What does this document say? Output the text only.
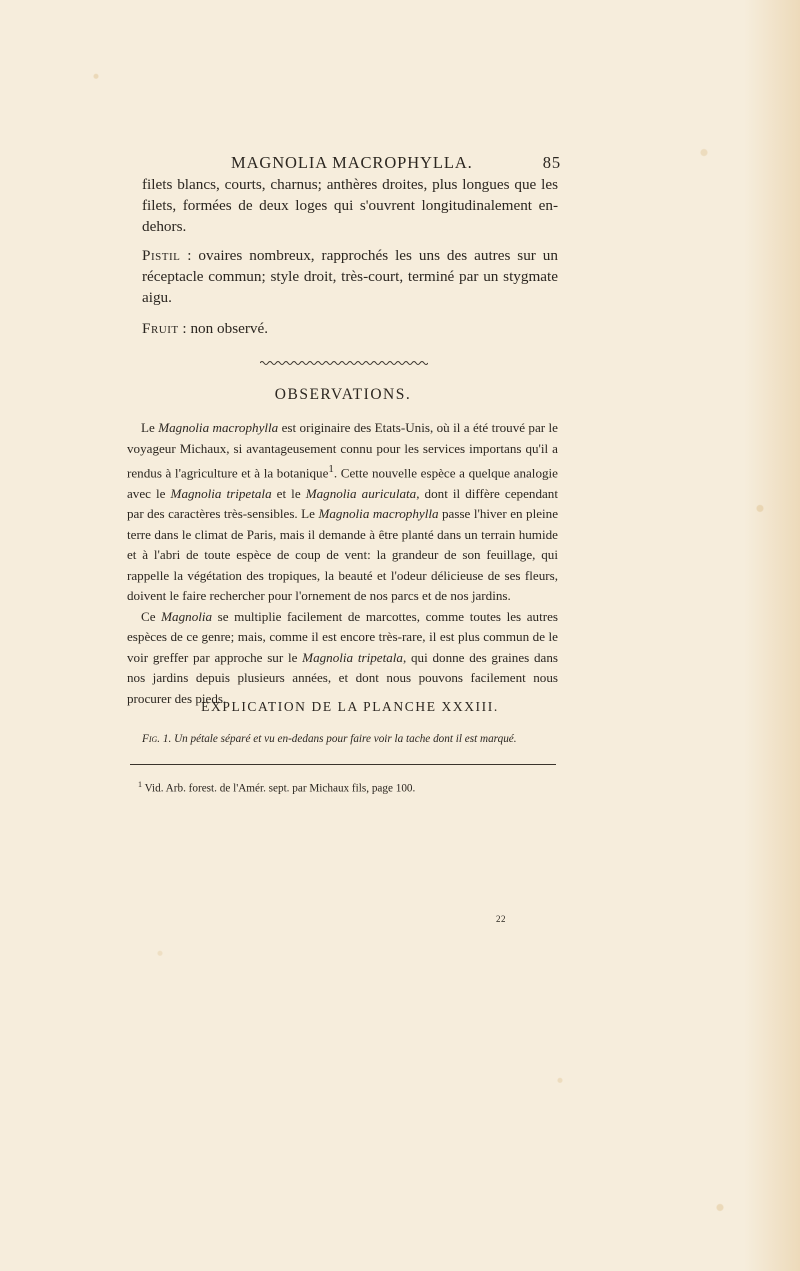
MAGNOLIA MACROPHYLLA.	85
filets blancs, courts, charnus; anthères droites, plus longues que les filets, formées de deux loges qui s'ouvrent longitudinalement en-dehors.
Pistil : ovaires nombreux, rapprochés les uns des autres sur un réceptacle commun; style droit, très-court, terminé par un stygmate aigu.
Fruit : non observé.
OBSERVATIONS.

Le Magnolia macrophylla est originaire des Etats-Unis, où il a été trouvé par le voyageur Michaux, si avantageusement connu pour les services importans qu'il a rendus à l'agriculture et à la botanique$^1$. Cette nouvelle espèce a quelque analogie avec le Magnolia tripetala et le Magnolia auriculata, dont il diffère cependant par des caractères très-sensibles. Le Magnolia macrophylla passe l'hiver en pleine terre dans le climat de Paris, mais il demande à être planté dans un terrain humide et à l'abri de toute espèce de coup de vent: la grandeur de son feuillage, qui rappelle la végétation des tropiques, la beauté et l'odeur délicieuse de ses fleurs, doivent le faire rechercher pour l'ornement de nos parcs et de nos jardins.

Ce Magnolia se multiplie facilement de marcottes, comme toutes les autres espèces de ce genre; mais, comme il est encore très-rare, il est plus commun de le voir greffer par approche sur le Magnolia tripetala, qui donne des graines dans nos jardins depuis plusieurs années, et dont nous pouvons facilement nous procurer des pieds.

EXPLICATION DE LA PLANCHE XXXIII.
Fig. 1. Un pétale séparé et vu en-dedans pour faire voir la tache dont il est marqué.
$^1$ Vid. Arb. forest. de l'Amér. sept. par Michaux fils, page 100.
22
